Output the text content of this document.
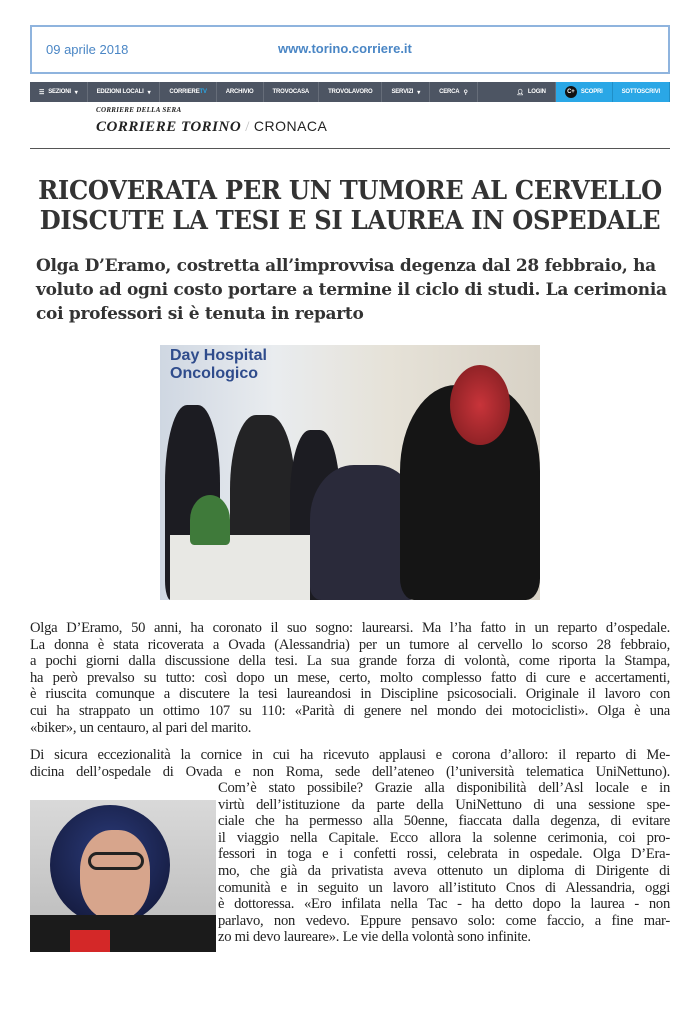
09 aprile 2018	www.torino.corriere.it
☰ SEZIONI ▾	EDIZIONI LOCALI ▾	CORRIERETV	ARCHIVIO	TROVOCASA	TROVOLAVORO	SERVIZI ▾	CERCA ⚲	👤︎ LOGIN	C+	SCOPRI	SOTTOSCRIVI
CORRIERE DELLA SERA
CORRIERE TORINO / CRONACA
RICOVERATA PER UN TUMORE AL CERVELLO
DISCUTE LA TESI E SI LAUREA IN OSPEDALE
Olga D’Eramo, costretta all’improvvisa degenza dal 28 febbraio, ha
voluto ad ogni costo portare a termine il ciclo di studi. La cerimonia
coi professori si è tenuta in reparto
Day Hospital
Oncologico
Olga D’Eramo, 50 anni, ha coronato il suo sogno: laurearsi. Ma l’ha fatto in un reparto d’ospedale.
La donna è stata ricoverata a Ovada (Alessandria) per un tumore al cervello lo scorso 28 febbraio,
a pochi giorni dalla discussione della tesi. La sua grande forza di volontà, come riporta la Stampa,
ha però prevalso su tutto: così dopo un mese, certo, molto complesso fatto di cure e accertamenti,
è riuscita comunque a discutere la tesi laureandosi in Discipline psicosociali. Originale il lavoro con
cui ha strappato un ottimo 107 su 110: «Parità di genere nel mondo dei motociclisti». Olga è una
«biker», un centauro, al pari del marito.
Di sicura eccezionalità la cornice in cui ha ricevuto applausi e corona d’alloro: il reparto di Me-
dicina dell’ospedale di Ovada e non Roma, sede dell’ateneo (l’università telematica UniNettuno).
Com’è stato possibile? Grazie alla disponibilità dell’Asl locale e in
virtù dell’istituzione da parte della UniNettuno di una sessione spe-
ciale che ha permesso alla 50enne, fiaccata dalla degenza, di evitare
il viaggio nella Capitale. Ecco allora la solenne cerimonia, coi pro-
fessori in toga e i confetti rossi, celebrata in ospedale. Olga D’Era-
mo, che già da privatista aveva ottenuto un diploma di Dirigente di
comunità e in seguito un lavoro all’istituto Cnos di Alessandria, oggi
è dottoressa. «Ero infilata nella Tac - ha detto dopo la laurea - non
parlavo, non vedevo. Eppure pensavo solo: come faccio, a fine mar-
zo mi devo laureare». Le vie della volontà sono infinite.
